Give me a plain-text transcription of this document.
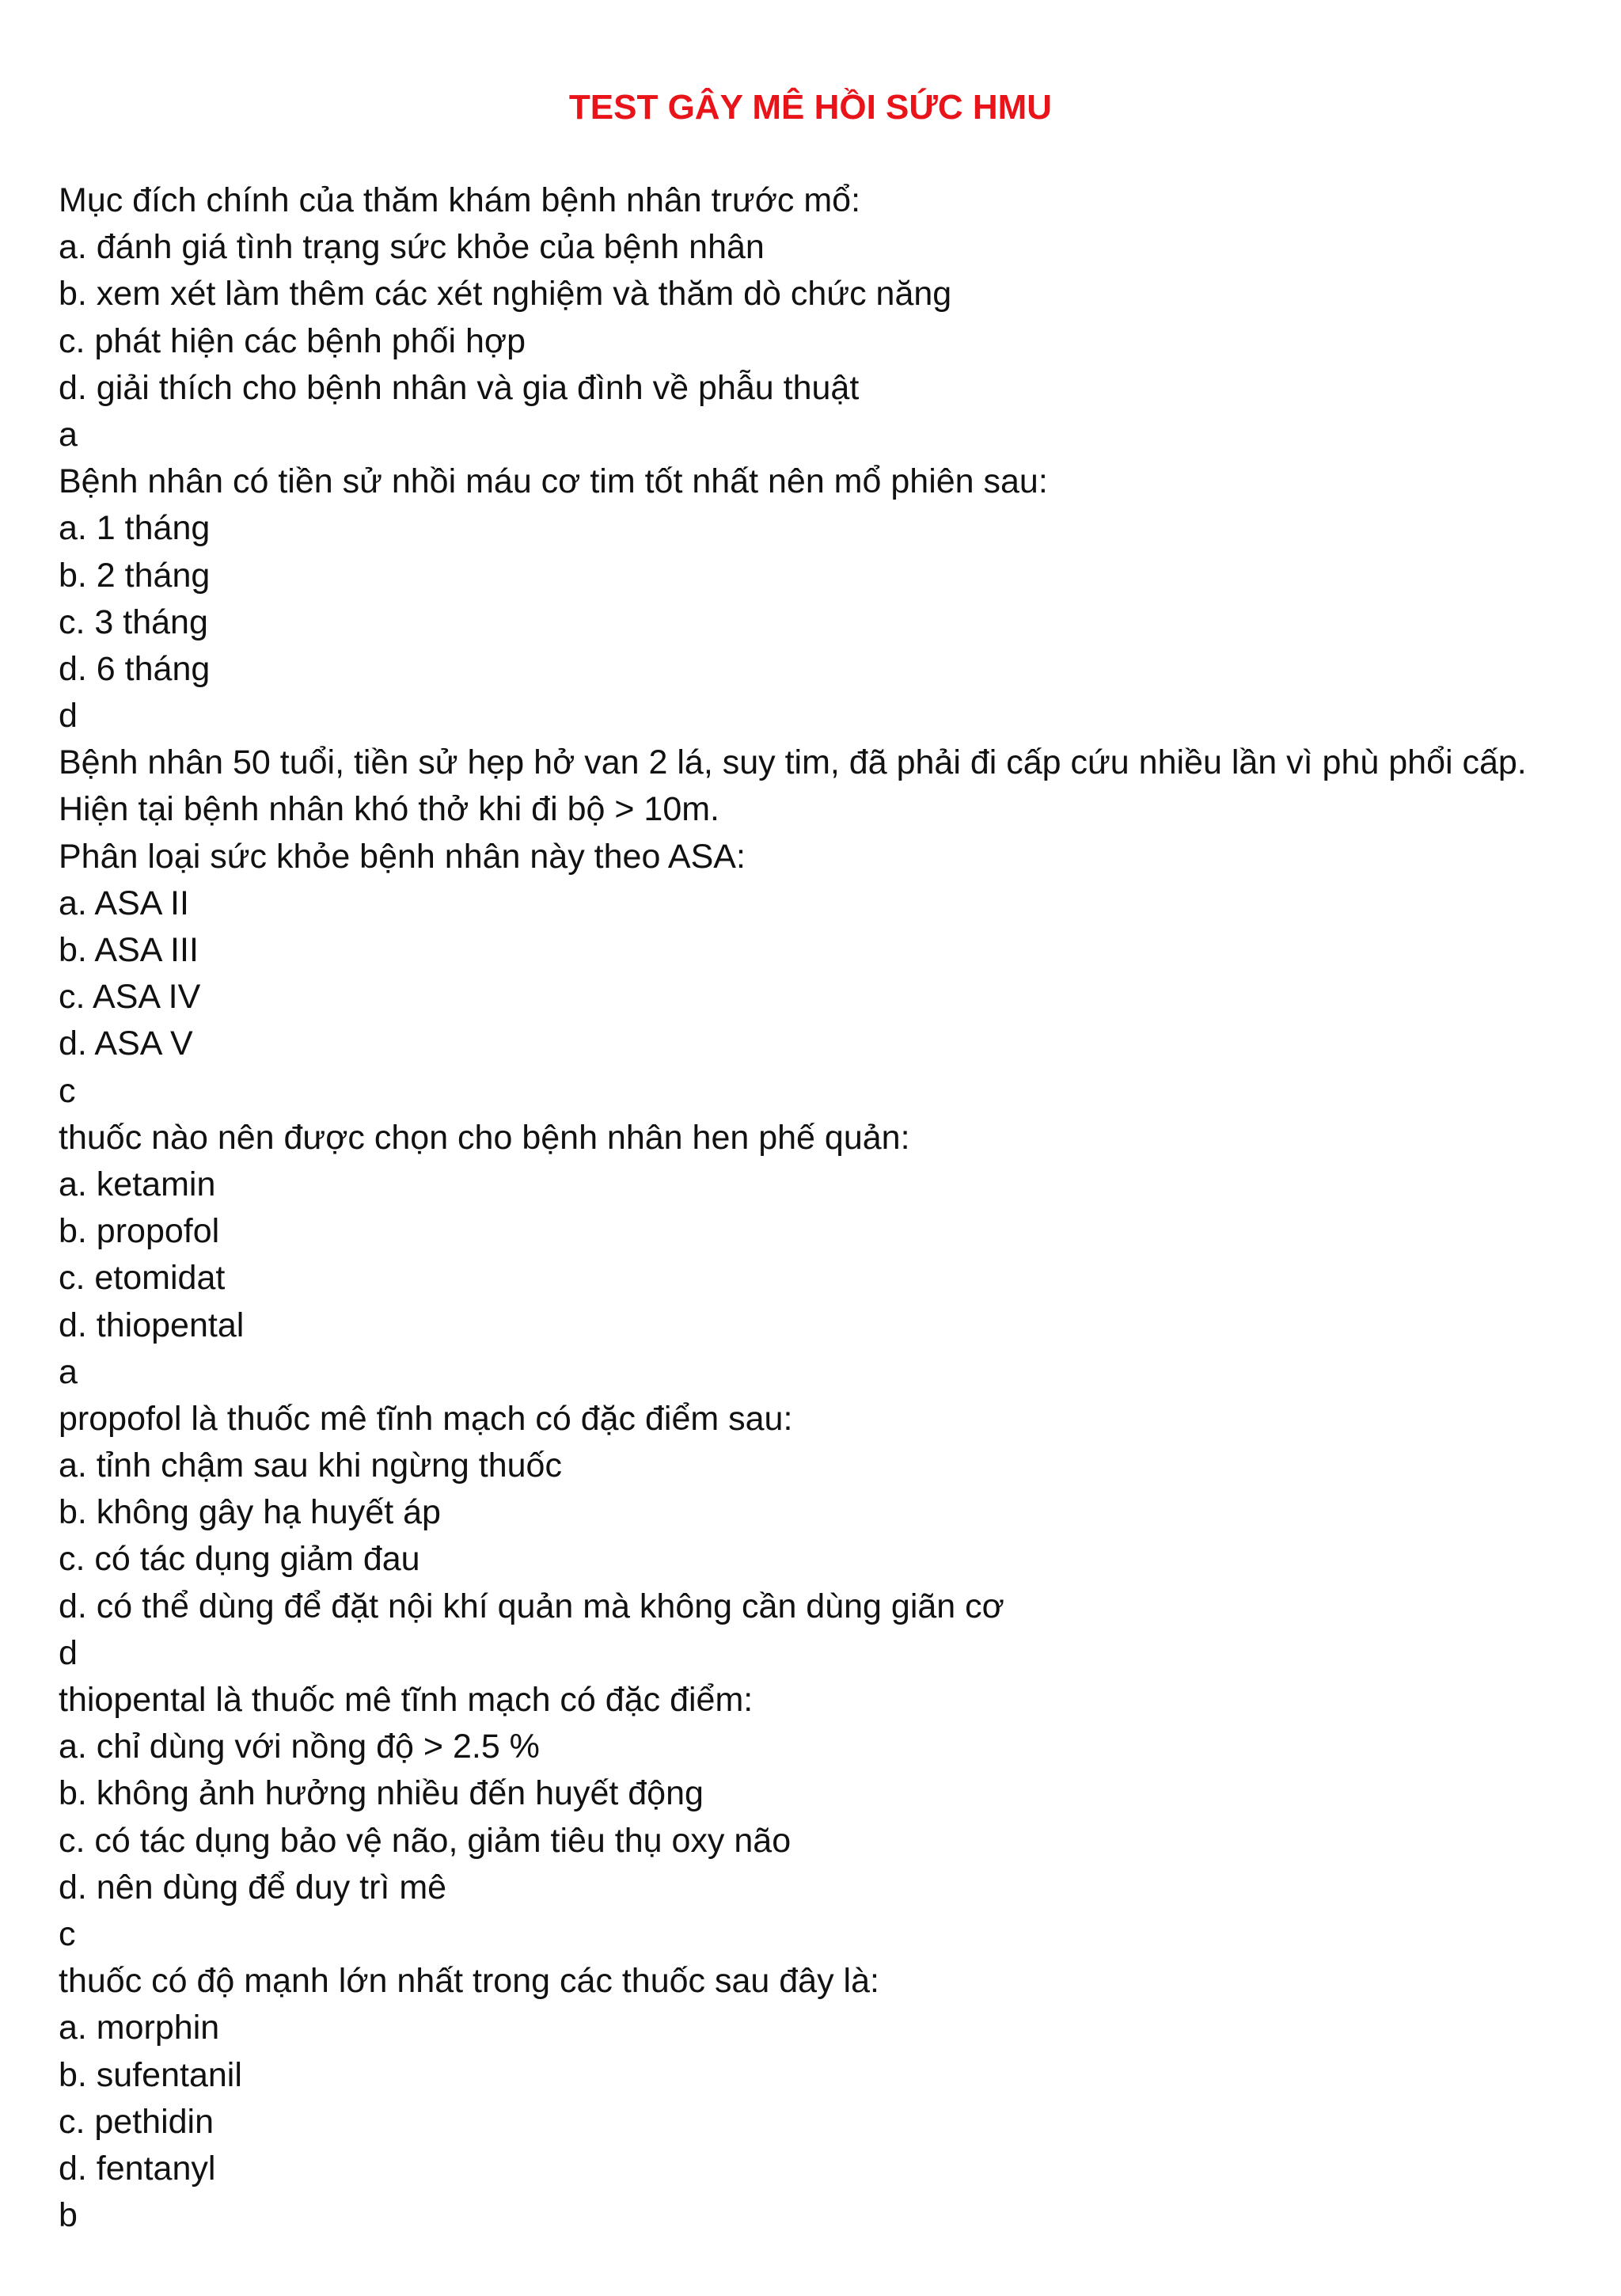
TEST GÂY MÊ HỒI SỨC HMU
Mục đích chính của thăm khám bệnh nhân trước mổ:
a. đánh giá tình trạng sức khỏe của bệnh nhân
b. xem xét làm thêm các xét nghiệm và thăm dò chức năng
c. phát hiện các bệnh phối hợp
d. giải thích cho bệnh nhân và gia đình về phẫu thuật
a
Bệnh nhân có tiền sử nhồi máu cơ tim tốt nhất nên mổ phiên sau:
a. 1 tháng
b. 2 tháng
c. 3 tháng
d. 6 tháng
d
Bệnh nhân 50 tuổi, tiền sử hẹp hở van 2 lá, suy tim, đã phải đi cấp cứu nhiều lần vì phù phổi cấp.
Hiện tại bệnh nhân khó thở khi đi bộ > 10m.
Phân loại sức khỏe bệnh nhân này theo ASA:
a. ASA II
b. ASA III
c. ASA IV
d. ASA V
c
thuốc nào nên được chọn cho bệnh nhân hen phế quản:
a. ketamin
b. propofol
c. etomidat
d. thiopental
a
propofol là thuốc mê tĩnh mạch có đặc điểm sau:
a. tỉnh chậm sau khi ngừng thuốc
b. không gây hạ huyết áp
c. có tác dụng giảm đau
d. có thể dùng để đặt nội khí quản mà không cần dùng giãn cơ
d
thiopental là thuốc mê tĩnh mạch có đặc điểm:
a. chỉ dùng với nồng độ > 2.5 %
b. không ảnh hưởng nhiều đến huyết động
c. có tác dụng bảo vệ não, giảm tiêu thụ oxy não
d. nên dùng để duy trì mê
c
thuốc có độ mạnh lớn nhất trong các thuốc sau đây là:
a. morphin
b. sufentanil
c. pethidin
d. fentanyl
b
